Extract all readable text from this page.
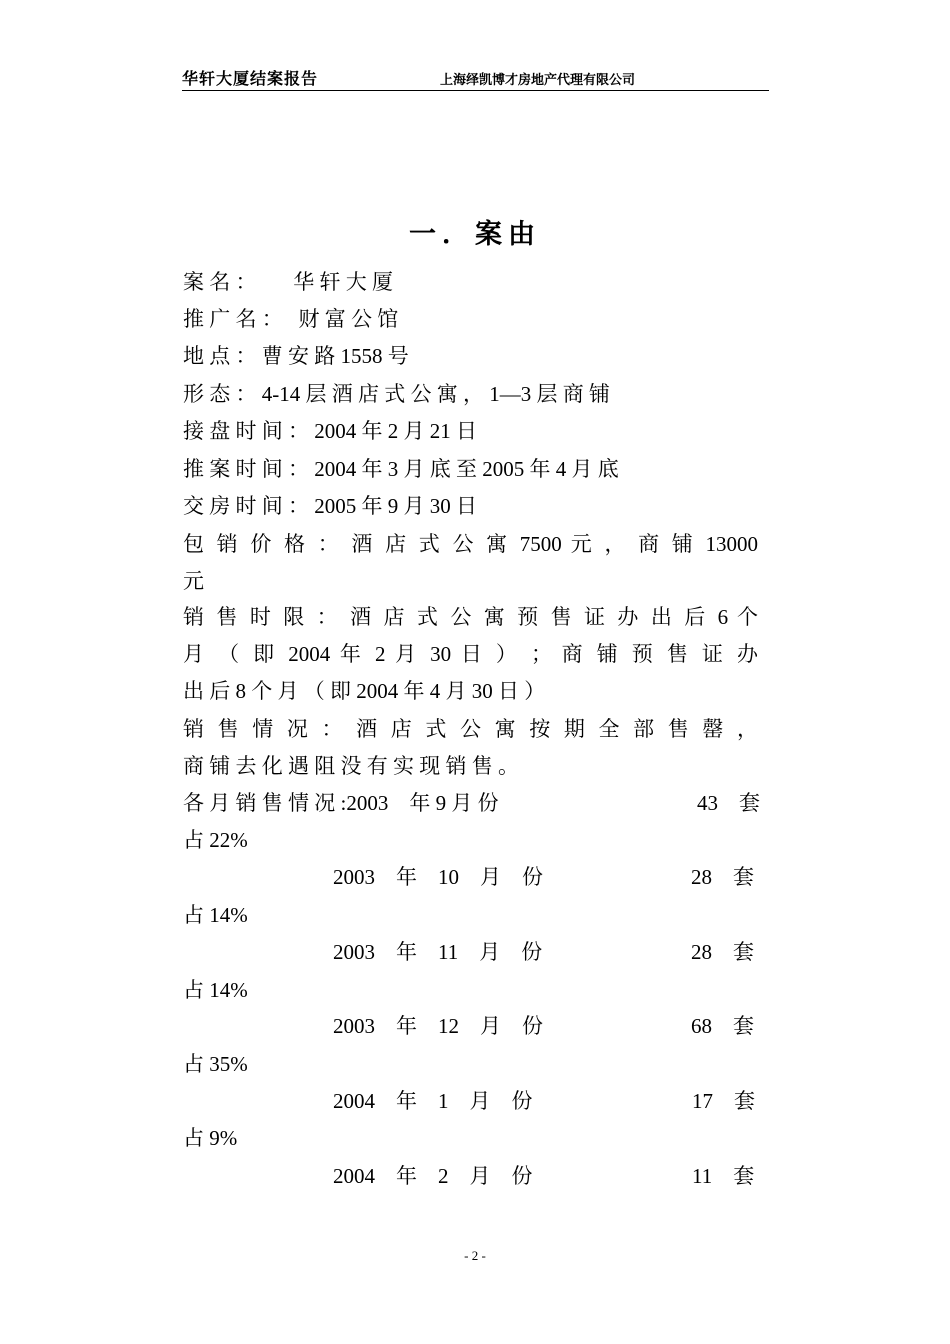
华轩大厦结案报告	上海绎凯博才房地产代理有限公司
一．案由
案 名 ：　　 华 轩 大 厦
推 广 名 ：　 财 富 公 馆
地 点 ： 曹 安 路 1558 号
形 态 ： 4-14 层 酒 店 式 公 寓 ， 1—3 层 商 铺
接 盘 时 间 ： 2004 年 2 月 21 日
推 案 时 间 ： 2004 年 3 月 底 至 2005 年 4 月 底
交 房 时 间 ： 2005 年 9 月 30 日
包 销 价 格 ： 酒 店 式 公 寓 7500 元 ， 商 铺 13000
元
销 售 时 限 ： 酒 店 式 公 寓 预 售 证 办 出 后 6 个
月 （ 即 2004 年 2 月 30 日 ） ； 商 铺 预 售 证 办
出 后 8 个 月 （ 即 2004 年 4 月 30 日 ）
销 售 情 况 ： 酒 店 式 公 寓 按 期 全 部 售 罄 ，
商 铺 去 化 遇 阻 没 有 实 现 销 售 。
各 月 销 售 情 况 :2003　年 9 月 份	43　套
占 22%
2003　年　10　月　份	28　套
占 14%
2003　年　11　月　份	28　套
占 14%
2003　年　12　月　份	68　套
占 35%
2004　年　1　月　份	17　套
占 9%
2004　年　2　月　份	11　套
- 2 -
